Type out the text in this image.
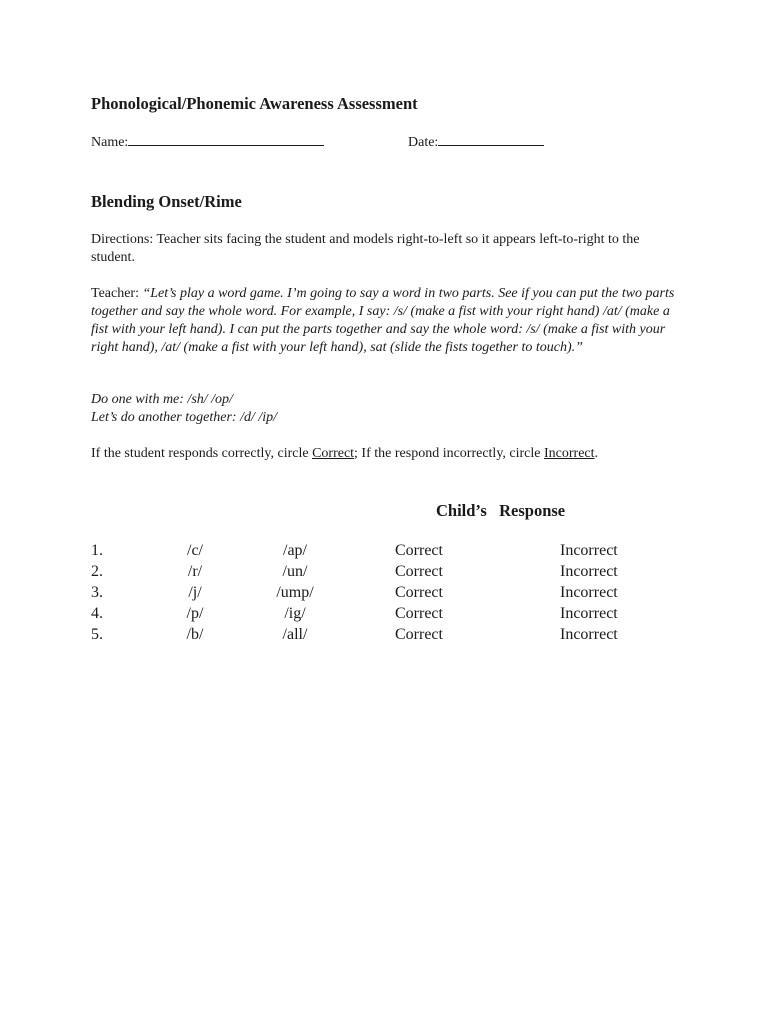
Phonological/Phonemic Awareness Assessment
Name:	Date:
Blending Onset/Rime

Directions: Teacher sits facing the student and models right-to-left so it appears left-to-right to the student.

Teacher: “Let’s play a word game. I’m going to say a word in two parts. See if you can put the two parts together and say the whole word. For example, I say: /s/ (make a fist with your right hand) /at/ (make a fist with your left hand). I can put the parts together and say the whole word: /s/ (make a fist with your right hand), /at/ (make a fist with your left hand), sat (slide the fists together to touch).”

Do one with me: /sh/ /op/
Let’s do another together: /d/ /ip/

If the student responds correctly, circle Correct; If the respond incorrectly, circle Incorrect.

Child’s   Response
1.	/c/	/ap/	Correct	Incorrect
2.	/r/	/un/	Correct	Incorrect
3.	/j/	/ump/	Correct	Incorrect
4.	/p/	/ig/	Correct	Incorrect
5.	/b/	/all/	Correct	Incorrect
